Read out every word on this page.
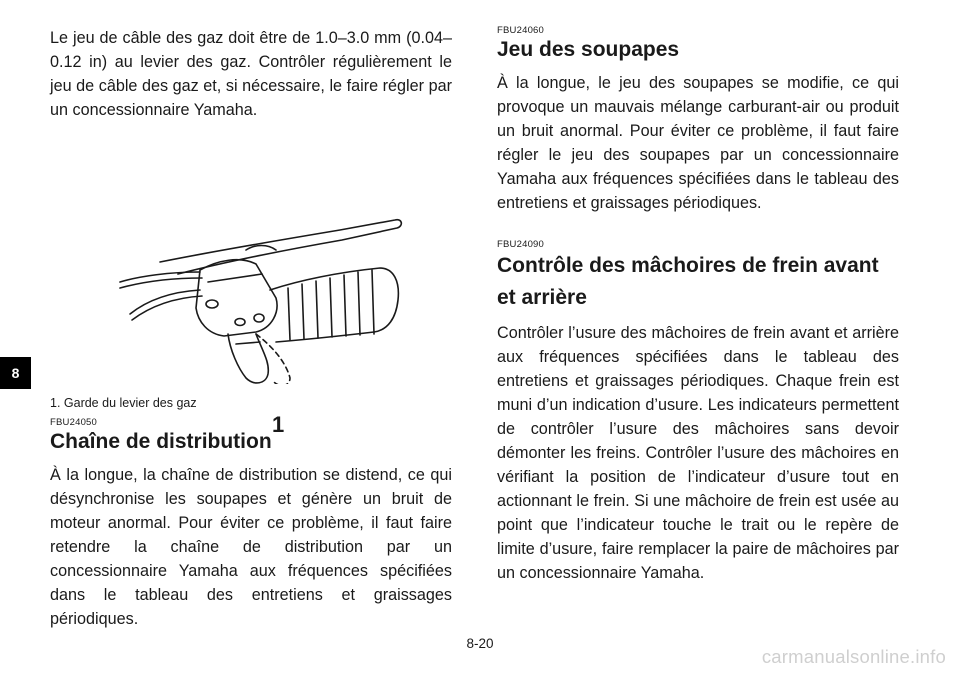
8

Le jeu de câble des gaz doit être de 1.0–3.0 mm (0.04–0.12 in) au levier des gaz. Contrôler régulièrement le jeu de câble des gaz et, si nécessaire, le faire régler par un concessionnaire Yamaha.

1
1. Garde du levier des gaz

FBU24050

Chaîne de distribution

À la longue, la chaîne de distribution se distend, ce qui désynchronise les soupapes et génère un bruit de moteur anormal. Pour éviter ce problème, il faut faire retendre la chaîne de distribution par un concessionnaire Yamaha aux fréquences spécifiées dans le tableau des entretiens et graissages périodiques.

FBU24060

Jeu des soupapes

À la longue, le jeu des soupapes se modifie, ce qui provoque un mauvais mélange carburant-air ou produit un bruit anormal. Pour éviter ce problème, il faut faire régler le jeu des soupapes par un concessionnaire Yamaha aux fréquences spécifiées dans le tableau des entretiens et graissages périodiques.

FBU24090

Contrôle des mâchoires de frein avant et arrière

Contrôler l’usure des mâchoires de frein avant et arrière aux fréquences spécifiées dans le tableau des entretiens et graissages périodiques. Chaque frein est muni d’un indication d’usure. Les indicateurs permettent de contrôler l’usure des mâchoires sans devoir démonter les freins. Contrôler l’usure des mâchoires en vérifiant la position de l’indicateur d’usure tout en actionnant le frein. Si une mâchoire de frein est usée au point que l’indicateur touche le trait ou le repère de limite d’usure, faire remplacer la paire de mâchoires par un concessionnaire Yamaha.

8-20
carmanualsonline.info
